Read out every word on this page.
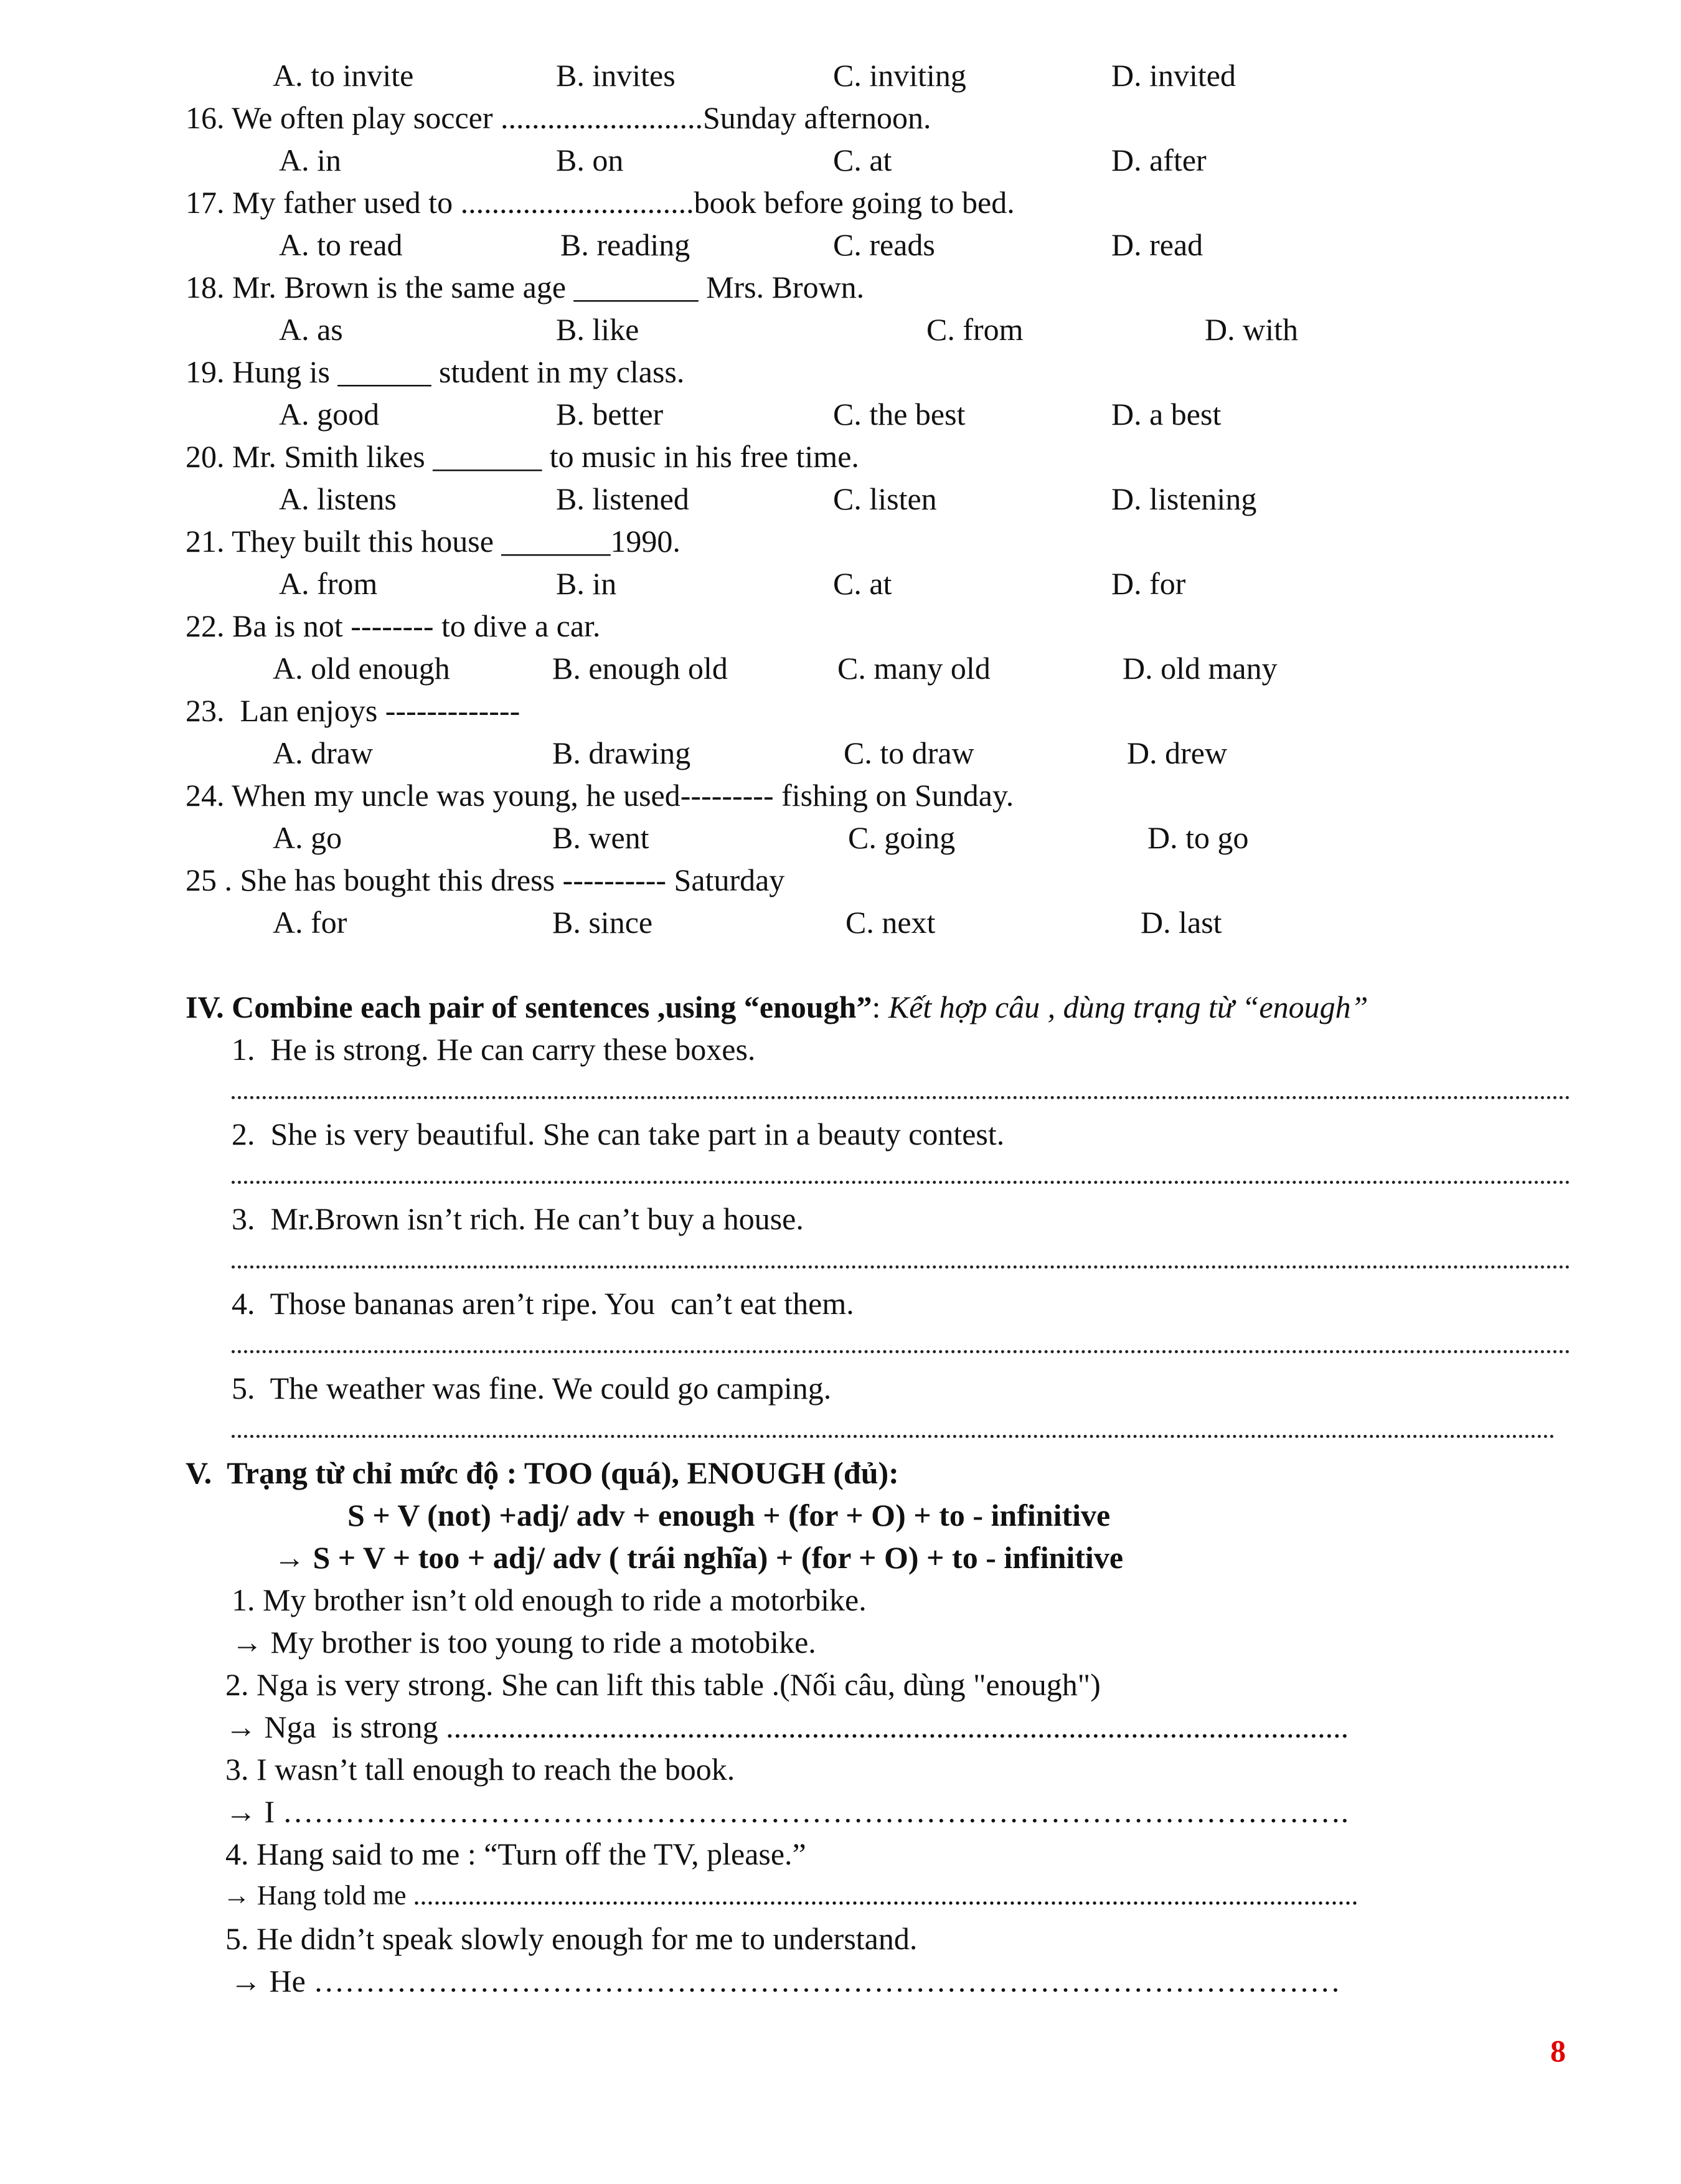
A. to invite	B. invites	C. inviting	D. invited
16. We often play soccer ..........................Sunday afternoon.
A. in	B. on	C. at	D. after
17. My father used to ..............................book before going to bed.
A. to read	B. reading	C. reads	D. read
18. Mr. Brown is the same age ________ Mrs. Brown.
A. as	B. like	C. from	D. with
19. Hung is ______ student in my class.
A. good	B. better	C. the best	D. a best
20. Mr. Smith likes _______ to music in his free time.
A. listens	B. listened	C. listen	D. listening
21. They built this house _______1990.
A. from	B. in	C. at	D. for
22. Ba is not -------- to dive a car.
A. old enough	B. enough old	C. many old	D. old many
23.  Lan enjoys -------------
A. draw	B. drawing	C. to draw	D. drew
24. When my uncle was young, he used--------- fishing on Sunday.
A. go	B. went	C. going	D. to go
25 . She has bought this dress ---------- Saturday
A. for	B. since	C. next	D. last
IV. Combine each pair of sentences ,using “enough”: Kết hợp câu , dùng trạng từ “enough”
1.  He is strong. He can carry these boxes.
2.  She is very beautiful. She can take part in a beauty contest.
3.  Mr.Brown isn’t rich. He can’t buy a house.
4.  Those bananas aren’t ripe. You  can’t eat them.
5.  The weather was fine. We could go camping.
V.  Trạng từ chỉ mức độ : TOO (quá), ENOUGH (đủ):
S + V (not) +adj/ adv + enough + (for + O) + to - infinitive
→ S + V + too + adj/ adv ( trái nghĩa) + (for + O) + to - infinitive
1. My brother isn’t old enough to ride a motorbike.
→ My brother is too young to ride a motobike.
2. Nga is very strong. She can lift this table .(Nối câu, dùng "enough")
→ Nga  is strong ....................................................................................................................
3. I wasn’t tall enough to reach the book.
→ I ………………………………………………………………………………………….
4. Hang said to me : “Turn off the TV, please.”
→ Hang told me ..........................................................................................................................................
5. He didn’t speak slowly enough for me to understand.
→ He ………………………………………………………………………………………
8
